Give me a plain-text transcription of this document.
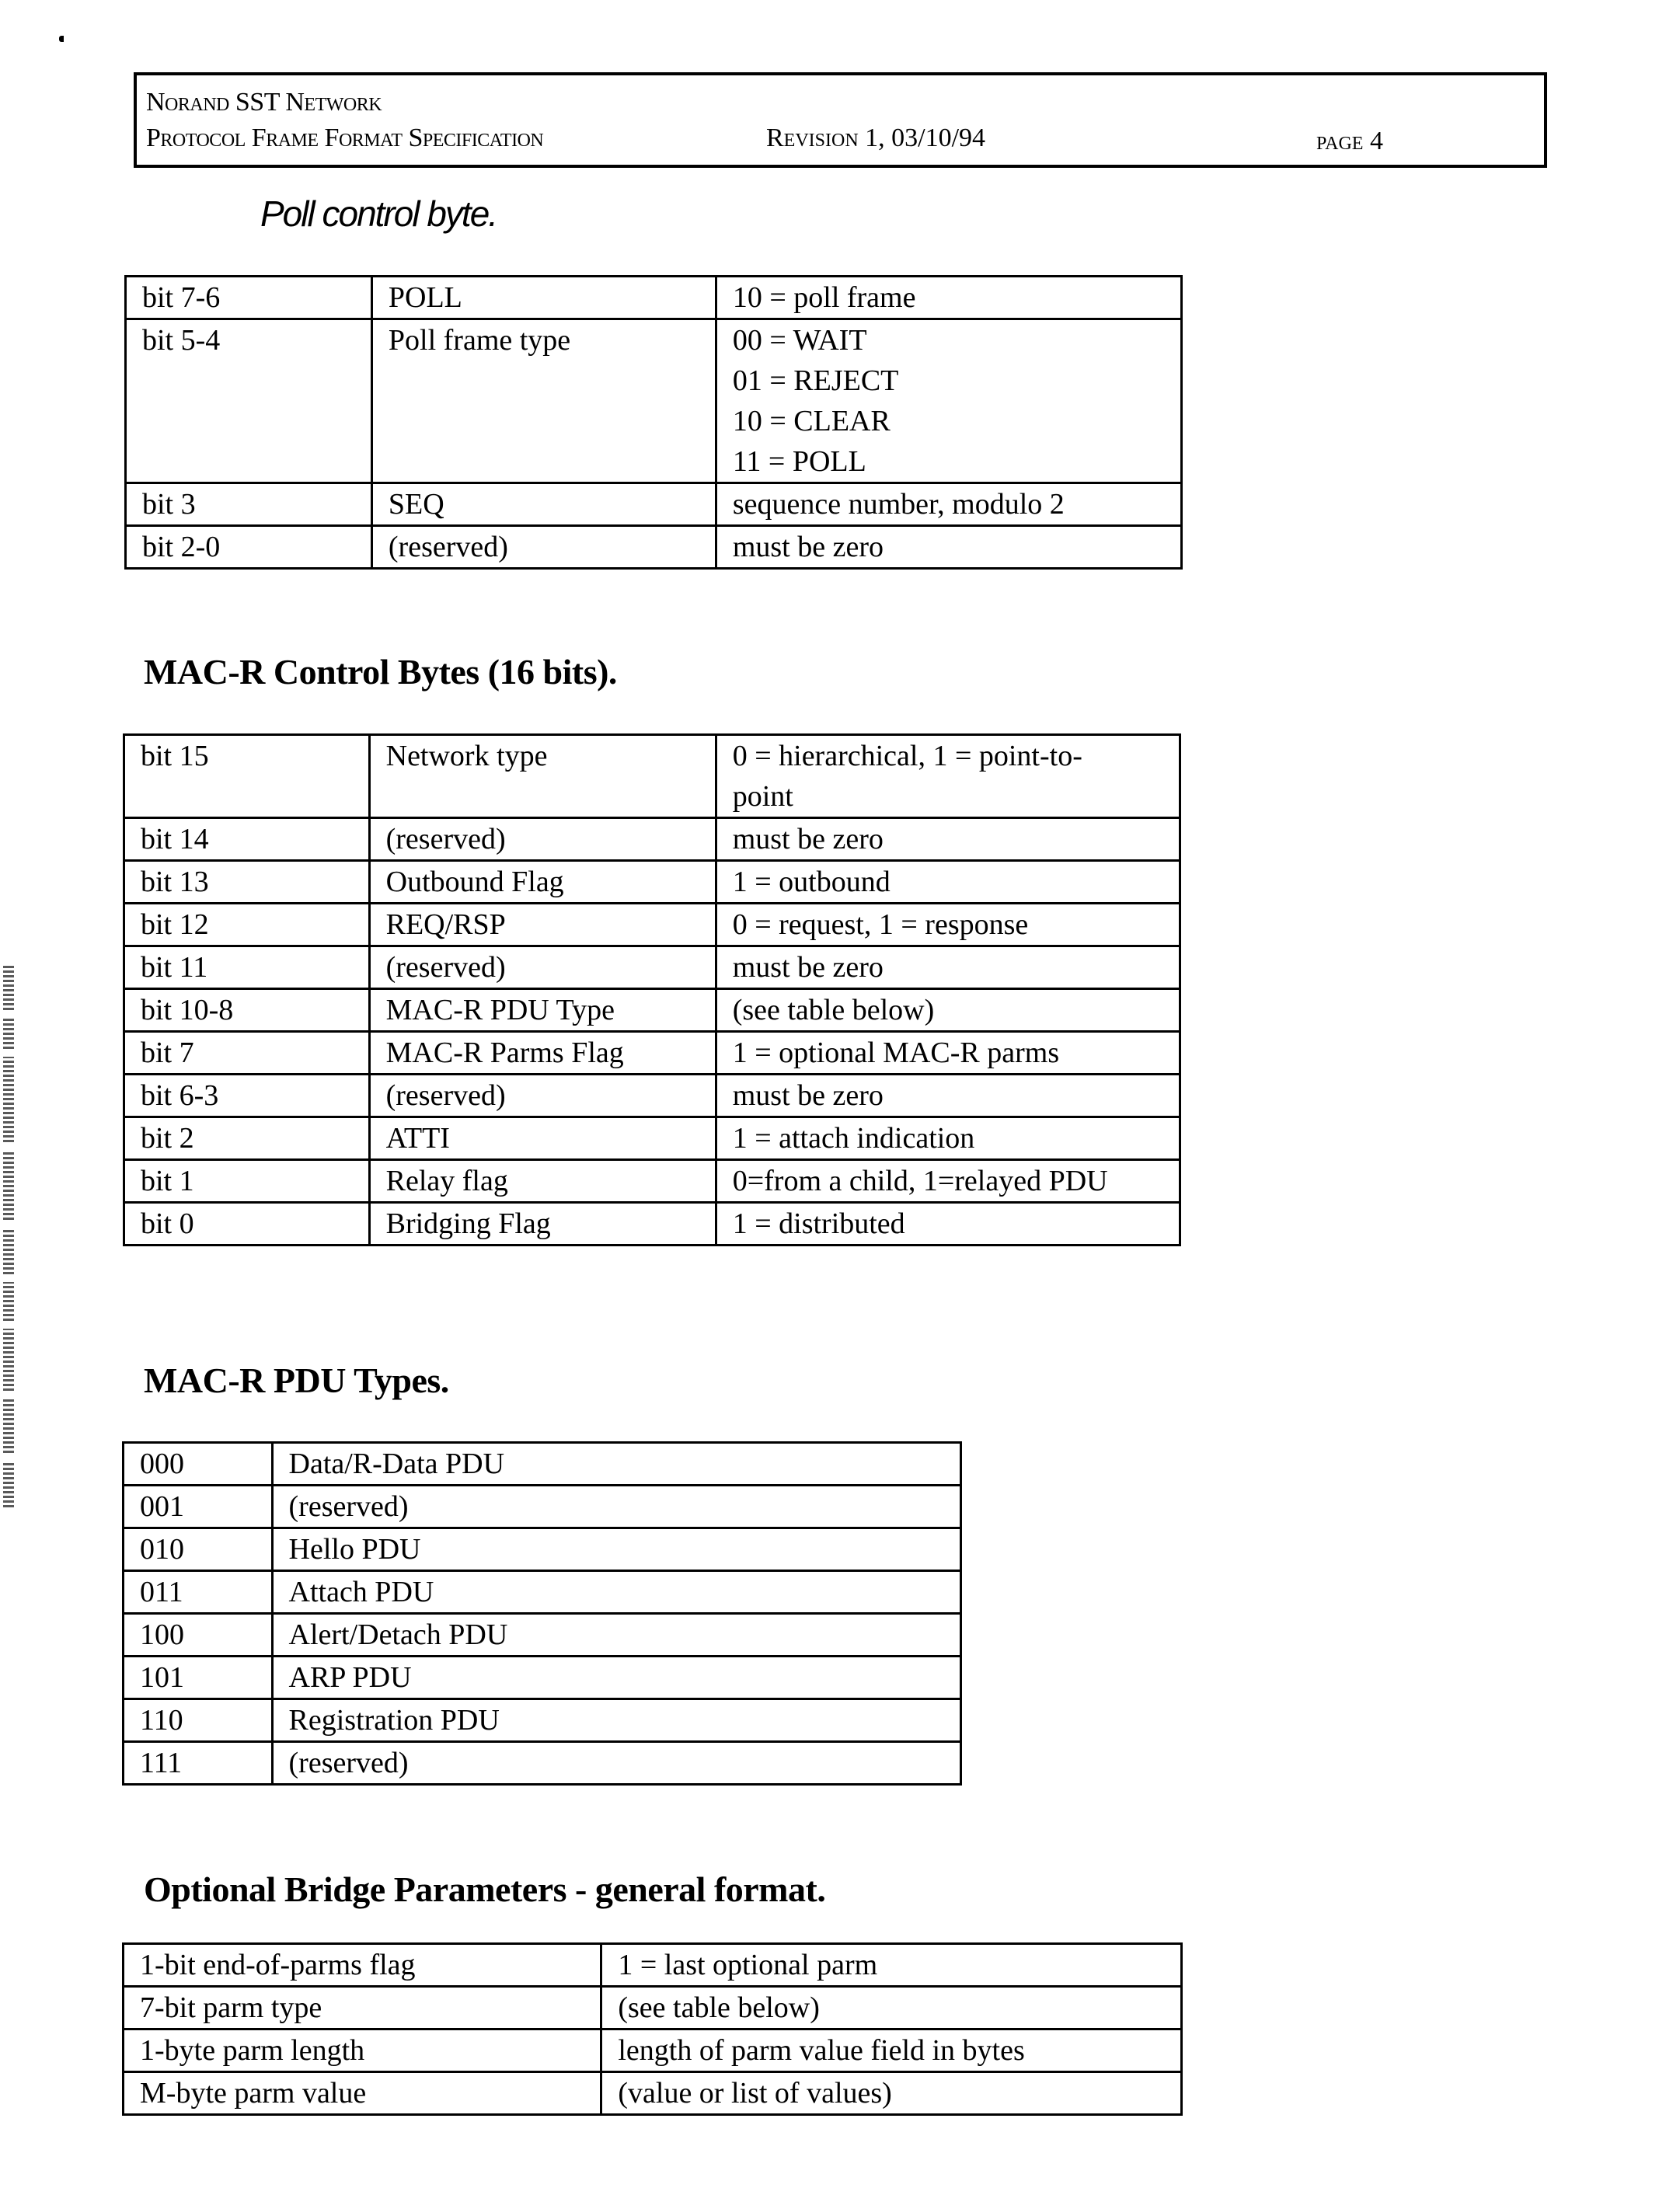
Norand SST Network
Protocol Frame Format Specification	Revision 1, 03/10/94	page 4
Poll control byte.
bit 7-6	POLL	10 = poll frame
bit 5-4	Poll frame type	00 = WAIT
01 = REJECT
10 = CLEAR
11 = POLL

bit 3	SEQ	sequence number, modulo 2
bit 2-0	(reserved)	must be zero
MAC-R Control Bytes (16 bits).
bit 15	Network type	0 = hierarchical, 1 = point-to-
point

bit 14	(reserved)	must be zero
bit 13	Outbound Flag	1 = outbound
bit 12	REQ/RSP	0 = request, 1 = response
bit 11	(reserved)	must be zero
bit 10-8	MAC-R PDU Type	(see table below)
bit 7	MAC-R Parms Flag	1 = optional MAC-R parms
bit 6-3	(reserved)	must be zero
bit 2	ATTI	1 = attach indication
bit 1	Relay flag	0=from a child, 1=relayed PDU
bit 0	Bridging Flag	1 = distributed
MAC-R PDU Types.
000	Data/R-Data PDU
001	(reserved)
010	Hello PDU
011	Attach PDU
100	Alert/Detach PDU
101	ARP PDU
110	Registration PDU
111	(reserved)
Optional Bridge Parameters - general format.
1-bit end-of-parms flag	1 = last optional parm
7-bit parm type	(see table below)
1-byte parm length	length of parm value field in bytes
M-byte parm value	(value or list of values)
